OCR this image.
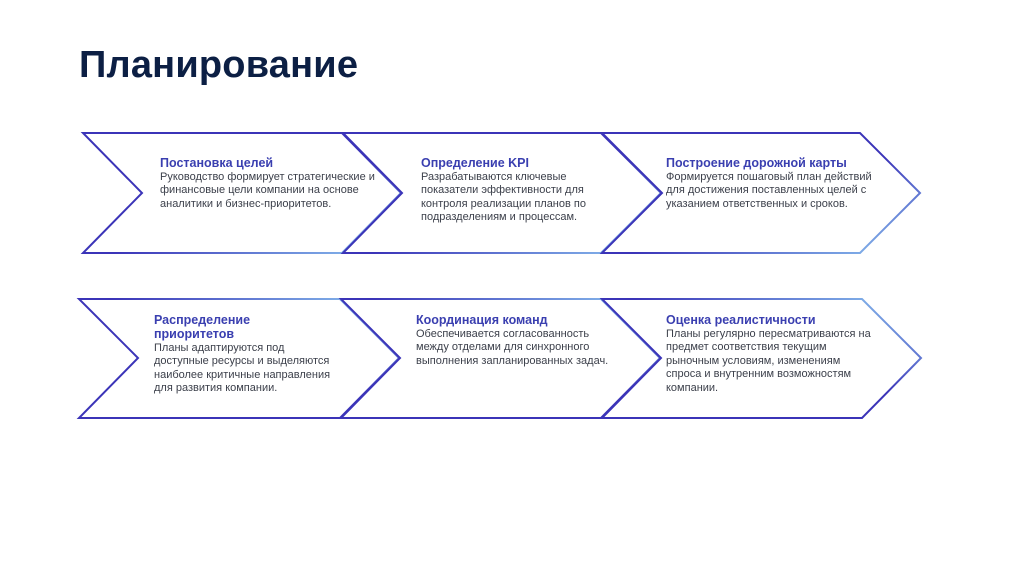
Планирование
Постановка целей
Руководство формирует стратегические и финансовые цели компании на основе аналитики и бизнес-приоритетов.
Определение KPI
Разрабатываются ключевые показатели эффективности для контроля реализации планов по подразделениям и процессам.
Построение дорожной карты
Формируется пошаговый план действий для достижения поставленных целей с указанием ответственных и сроков.
Распределение приоритетов
Планы адаптируются под доступные ресурсы и выделяются наиболее критичные направления для развития компании.
Координация команд
Обеспечивается согласованность между отделами для синхронного выполнения запланированных задач.
Оценка реалистичности
Планы регулярно пересматриваются на предмет соответствия текущим рыночным условиям, изменениям спроса и внутренним возможностям компании.
